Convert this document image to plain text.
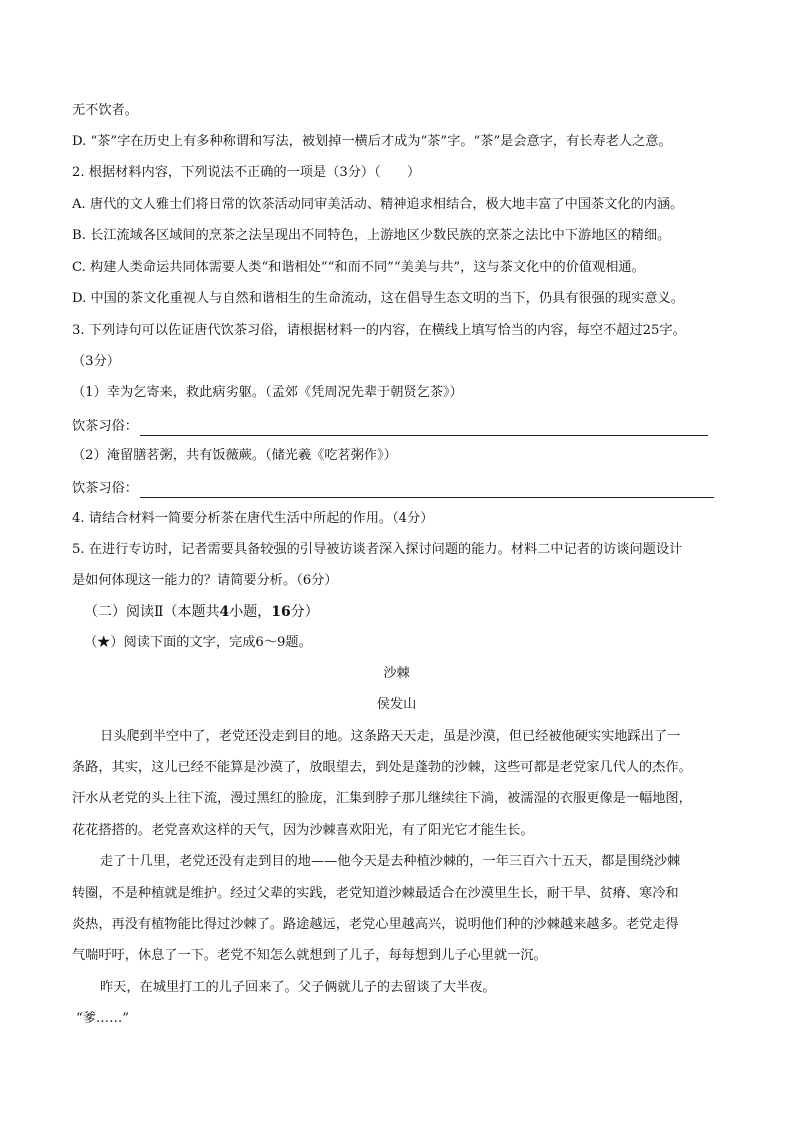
无不饮者。
D. “茶”字在历史上有多种称谓和写法，被划掉一横后才成为“茶”字。“茶”是会意字，有长寿老人之意。
2. 根据材料内容，下列说法不正确的一项是（3分）（　　）
A. 唐代的文人雅士们将日常的饮茶活动同审美活动、精神追求相结合，极大地丰富了中国茶文化的内涵。
B. 长江流域各区域间的烹茶之法呈现出不同特色，上游地区少数民族的烹茶之法比中下游地区的精细。
C. 构建人类命运共同体需要人类“和谐相处”“和而不同”“美美与共”，这与茶文化中的价值观相通。
D. 中国的茶文化重视人与自然和谐相生的生命流动，这在倡导生态文明的当下，仍具有很强的现实意义。
3. 下列诗句可以佐证唐代饮茶习俗，请根据材料一的内容，在横线上填写恰当的内容，每空不超过25字。
（3分）
（1）幸为乞寄来，救此病劣躯。（孟郊《凭周况先辈于朝贤乞茶》）
饮茶习俗：
（2）淹留膳茗粥，共有饭薇蕨。（储光羲《吃茗粥作》）
饮茶习俗：
4. 请结合材料一简要分析茶在唐代生活中所起的作用。（4分）
5. 在进行专访时，记者需要具备较强的引导被访谈者深入探讨问题的能力。材料二中记者的访谈问题设计
是如何体现这一能力的？请简要分析。（6分）
（二）阅读Ⅱ（本题共4小题，16分）
（★）阅读下面的文字，完成6～9题。
沙棘
侯发山
日头爬到半空中了，老党还没走到目的地。这条路天天走，虽是沙漠，但已经被他硬实实地踩出了一
条路，其实，这儿已经不能算是沙漠了，放眼望去，到处是蓬勃的沙棘，这些可都是老党家几代人的杰作。
汗水从老党的头上往下流，漫过黑红的脸庞，汇集到脖子那儿继续往下淌，被濡湿的衣服更像是一幅地图，
花花搭搭的。老党喜欢这样的天气，因为沙棘喜欢阳光，有了阳光它才能生长。
走了十几里，老党还没有走到目的地——他今天是去种植沙棘的，一年三百六十五天，都是围绕沙棘
转圈，不是种植就是维护。经过父辈的实践，老党知道沙棘最适合在沙漠里生长，耐干旱、贫瘠、寒冷和
炎热，再没有植物能比得过沙棘了。路途越远，老党心里越高兴，说明他们种的沙棘越来越多。老党走得
气喘吁吁，休息了一下。老党不知怎么就想到了儿子，每每想到儿子心里就一沉。
昨天，在城里打工的儿子回来了。父子俩就儿子的去留谈了大半夜。
“爹……”
